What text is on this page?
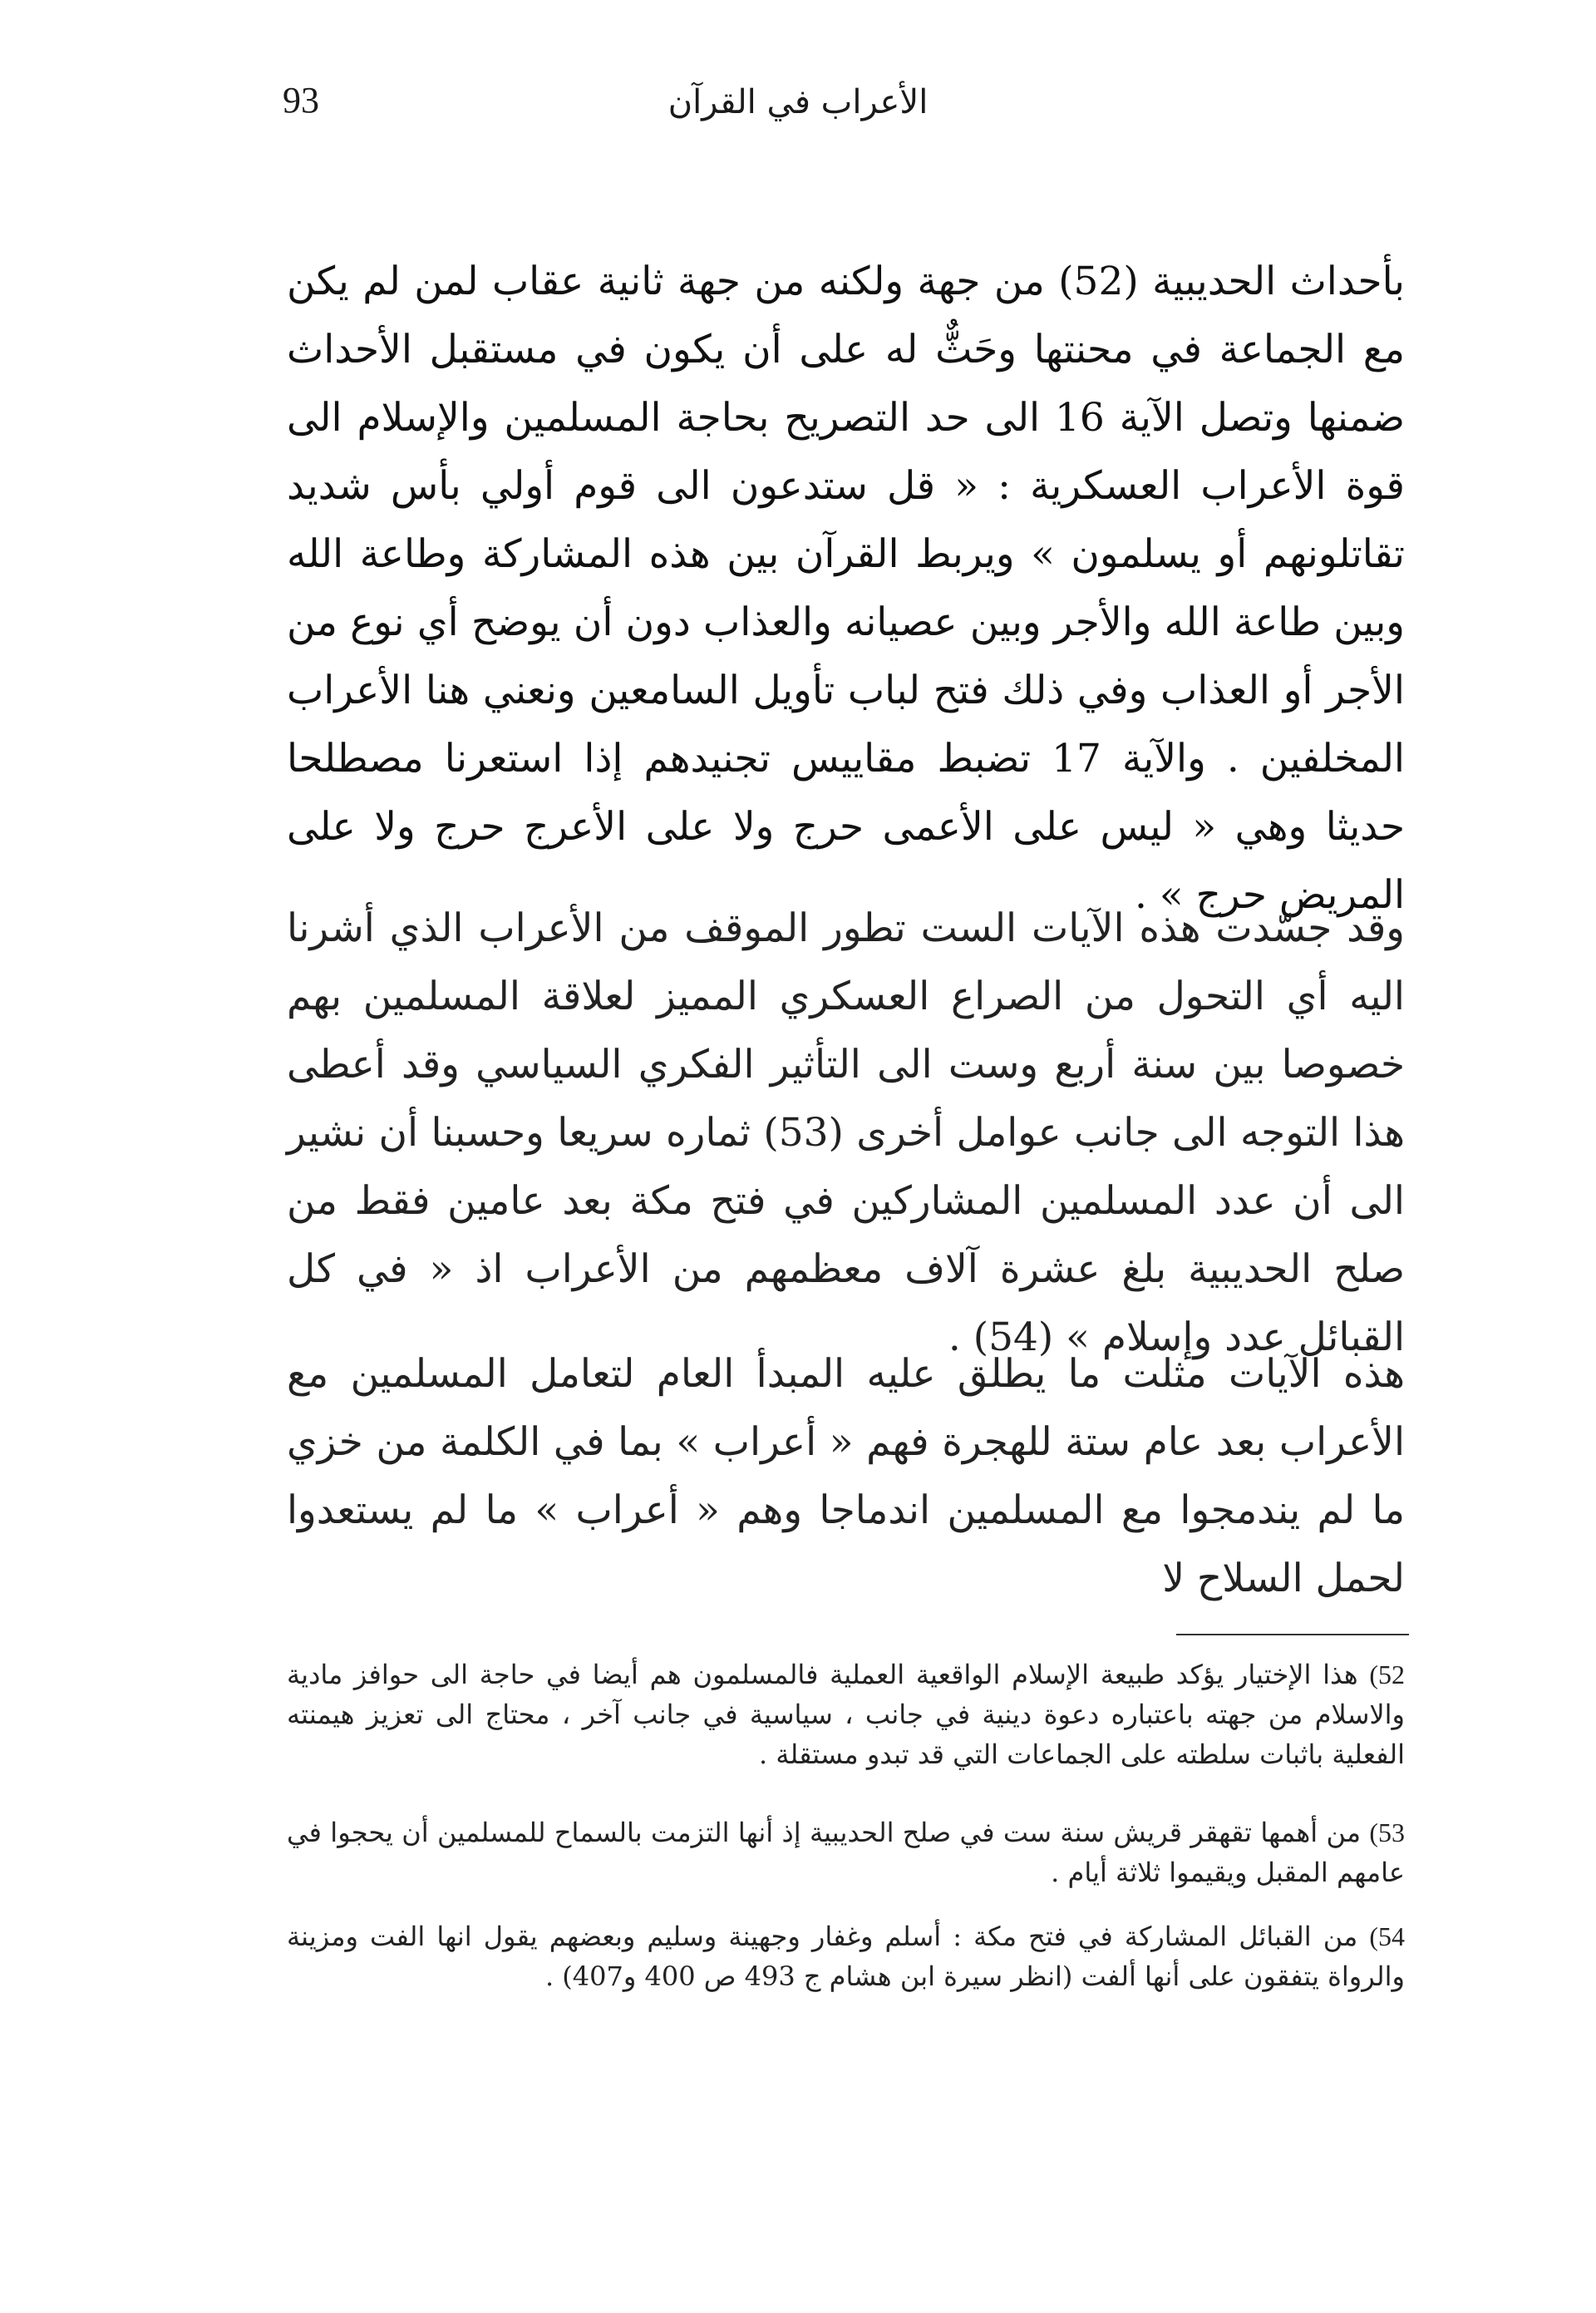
93	الأعراب في القرآن

بأحداث الحديبية (52) من جهة ولكنه من جهة ثانية عقاب لمن لم يكن مع الجماعة في محنتها وحَثٌّ له على أن يكون في مستقبل الأحداث ضمنها وتصل الآية 16 الى حد التصريح بحاجة المسلمين والإسلام الى قوة الأعراب العسكرية : « قل ستدعون الى قوم أولي بأس شديد تقاتلونهم أو يسلمون » ويربط القرآن بين هذه المشاركة وطاعة الله وبين طاعة الله والأجر وبين عصيانه والعذاب دون أن يوضح أي نوع من الأجر أو العذاب وفي ذلك فتح لباب تأويل السامعين ونعني هنا الأعراب المخلفين . والآية 17 تضبط مقاييس تجنيدهم إذا استعرنا مصطلحا حديثا وهي « ليس على الأعمى حرج ولا على الأعرج حرج ولا على المريض حرج » .

وقد جسّدت هذه الآيات الست تطور الموقف من الأعراب الذي أشرنا اليه أي التحول من الصراع العسكري المميز لعلاقة المسلمين بهم خصوصا بين سنة أربع وست الى التأثير الفكري السياسي وقد أعطى هذا التوجه الى جانب عوامل أخرى (53) ثماره سريعا وحسبنا أن نشير الى أن عدد المسلمين المشاركين في فتح مكة بعد عامين فقط من صلح الحديبية بلغ عشرة آلاف معظمهم من الأعراب اذ « في كل القبائل عدد وإسلام » (54) .

هذه الآيات مثلت ما يطلق عليه المبدأ العام لتعامل المسلمين مع الأعراب بعد عام ستة للهجرة فهم « أعراب » بما في الكلمة من خزي ما لم يندمجوا مع المسلمين اندماجا وهم « أعراب » ما لم يستعدوا لحمل السلاح لا

52) هذا الإختيار يؤكد طبيعة الإسلام الواقعية العملية فالمسلمون هم أيضا في حاجة الى حوافز مادية والاسلام من جهته باعتباره دعوة دينية في جانب ، سياسية في جانب آخر ، محتاج الى تعزيز هيمنته الفعلية باثبات سلطته على الجماعات التي قد تبدو مستقلة .

53) من أهمها تقهقر قريش سنة ست في صلح الحديبية إذ أنها التزمت بالسماح للمسلمين أن يحجوا في عامهم المقبل ويقيموا ثلاثة أيام .

54) من القبائل المشاركة في فتح مكة : أسلم وغفار وجهينة وسليم وبعضهم يقول انها الفت ومزينة والرواة يتفقون على أنها ألفت (انظر سيرة ابن هشام ج 493 ص 400 و407) .
